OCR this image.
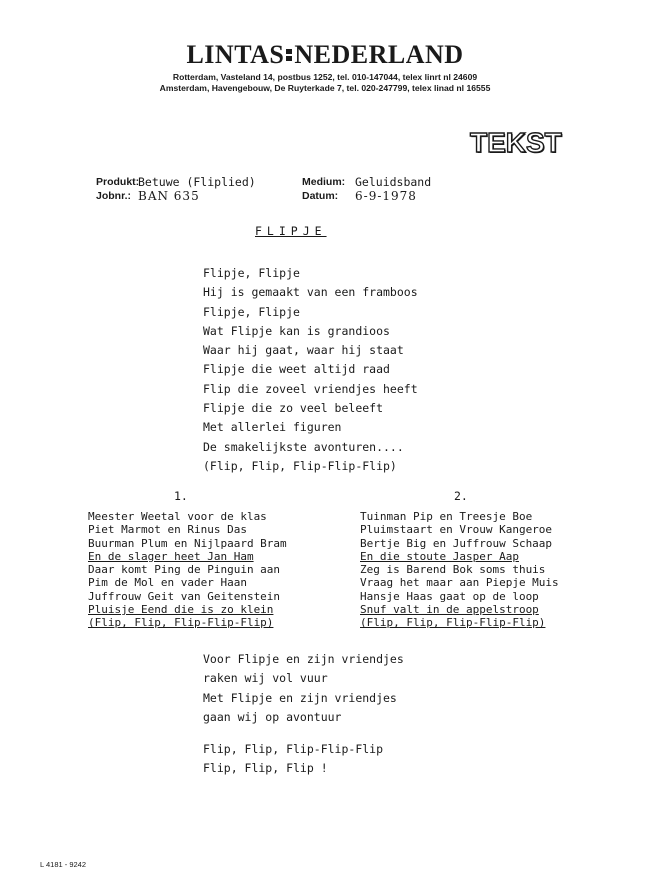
LINTAS NEDERLAND
Rotterdam, Vasteland 14, postbus 1252, tel. 010-147044, telex linrt nl 24609
Amsterdam, Havengebouw, De Ruyterkade 7, tel. 020-247799, telex linad nl 16555
TEKST
Produkt:
Betuwe (Fliplied)
Jobnr.: BAN 635
Medium: Geluidsband
Datum: 6-9-1978
FLIPJE
Flipje, Flipje
Hij is gemaakt van een framboos
Flipje, Flipje
Wat Flipje kan is grandioos
Waar hij gaat, waar hij staat
Flipje die weet altijd raad
Flip die zoveel vriendjes heeft
Flipje die zo veel beleeft
Met allerlei figuren
De smakelijkste avonturen....
(Flip, Flip, Flip-Flip-Flip)
1.	2.
Meester Weetal voor de klas
Piet Marmot en Rinus Das
Buurman Plum en Nijlpaard Bram
En de slager heet Jan Ham
Daar komt Ping de Pinguin aan
Pim de Mol en vader Haan
Juffrouw Geit van Geitenstein
Pluisje Eend die is zo klein
(Flip, Flip, Flip-Flip-Flip)
Tuinman Pip en Treesje Boe
Pluimstaart en Vrouw Kangeroe
Bertje Big en Juffrouw Schaap
En die stoute Jasper Aap
Zeg is Barend Bok soms thuis
Vraag het maar aan Piepje Muis
Hansje Haas gaat op de loop
Snuf valt in de appelstroop
(Flip, Flip, Flip-Flip-Flip)
Voor Flipje en zijn vriendjes
raken wij vol vuur
Met Flipje en zijn vriendjes
gaan wij op avontuur
Flip, Flip, Flip-Flip-Flip
Flip, Flip, Flip !
L 4181 - 9242
